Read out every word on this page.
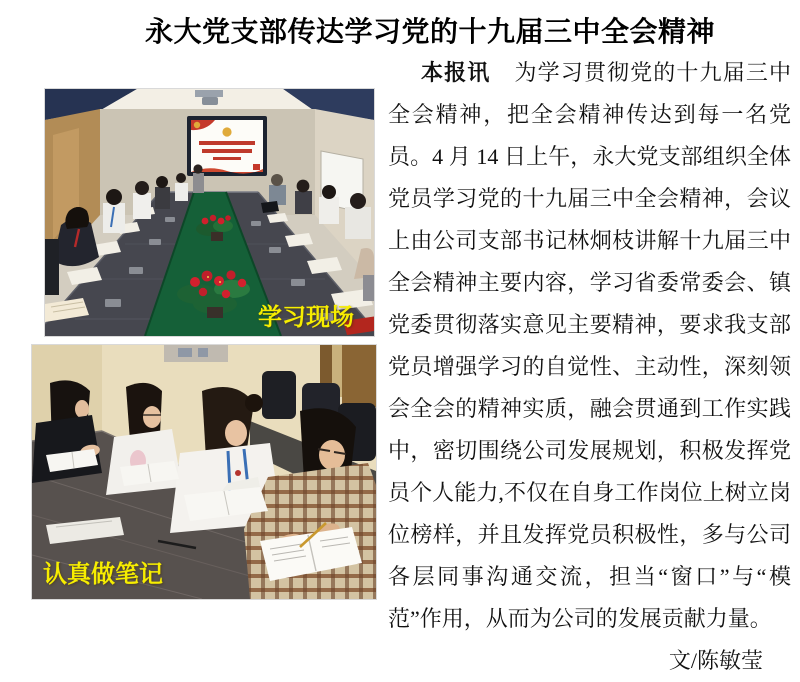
永大党支部传达学习党的十九届三中全会精神
学习现场
认真做笔记

本报讯 为学习贯彻党的十九届三中全会精神，把全会精神传达到每一名党员。4 月 14 日上午，永大党支部组织全体党员学习党的十九届三中全会精神，会议上由公司支部书记林炯枝讲解十九届三中全会精神主要内容，学习省委常委会、镇党委贯彻落实意见主要精神，要求我支部党员增强学习的自觉性、主动性，深刻领会全会的精神实质，融会贯通到工作实践中，密切围绕公司发展规划，积极发挥党员个人能力,不仅在自身工作岗位上树立岗位榜样，并且发挥党员积极性，多与公司各层同事沟通交流，担当“窗口”与“模范”作用，从而为公司的发展贡献力量。

文/陈敏莹
